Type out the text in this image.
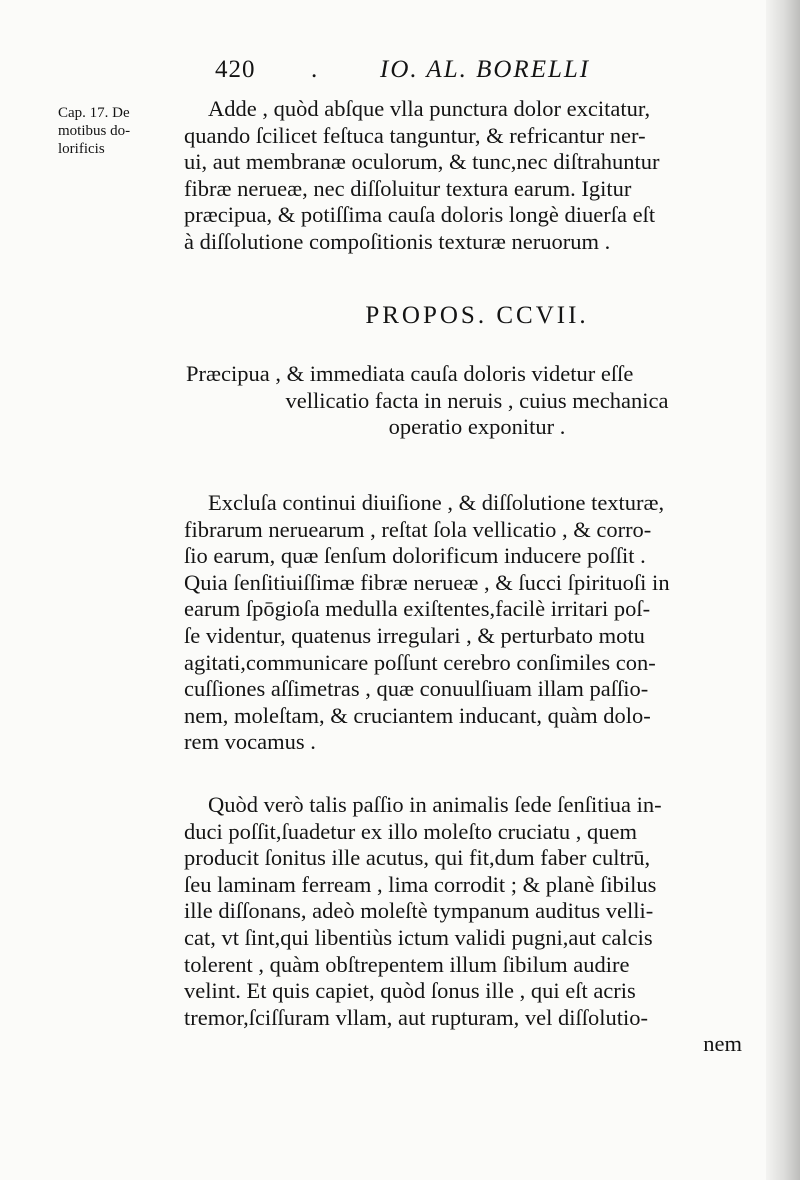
420 .	IO. AL. BORELLI
Cap. 17. De
motibus do-
lorificis
Adde , quòd abſque vlla punctura dolor excitatur,
quando ſcilicet feſtuca tanguntur, & refricantur ner-
ui, aut membranæ oculorum, & tunc,nec diſtrahuntur
fibræ nerueæ, nec diſſoluitur textura earum. Igitur
præcipua, & potiſſima cauſa doloris longè diuerſa eſt
à diſſolutione compoſitionis texturæ neruorum .
PROPOS. CCVII.
Præcipua , & immediata cauſa doloris videtur eſſe
vellicatio facta in neruis , cuius mechanica
operatio exponitur .
Excluſa continui diuiſione , & diſſolutione texturæ,
fibrarum nerueаrum , reſtat ſola vellicatio , & corro-
ſio earum, quæ ſenſum dolorificum inducere poſſit .
Quia ſenſitiuiſſimæ fibræ nerueæ , & ſucci ſpirituoſi in
earum ſpōgioſa medulla exiſtentes,facilè irritari poſ-
ſe videntur, quatenus irregulari , & perturbato motu
agitati,communicare poſſunt cerebro conſimiles con-
cuſſiones aſſimetras , quæ conuulſiuam illam paſſio-
nem, moleſtam, & cruciantem inducant, quàm dolo-
rem vocamus .
Quòd verò talis paſſio in animalis ſede ſenſitiua in-
duci poſſit,ſuadetur ex illo moleſto cruciatu , quem
producit ſonitus ille acutus, qui fit,dum faber cultrū,
ſeu laminam ferream , lima corrodit ; & planè ſibilus
ille diſſonans, adeò moleſtè tympanum auditus velli-
cat, vt ſint,qui libentiùs ictum validi pugni,aut calcis
tolerent , quàm obſtrepentem illum ſibilum audire
velint. Et quis capiet, quòd ſonus ille , qui eſt acris
tremor,ſciſſuram vllam, aut rupturam, vel diſſolutio-
nem
